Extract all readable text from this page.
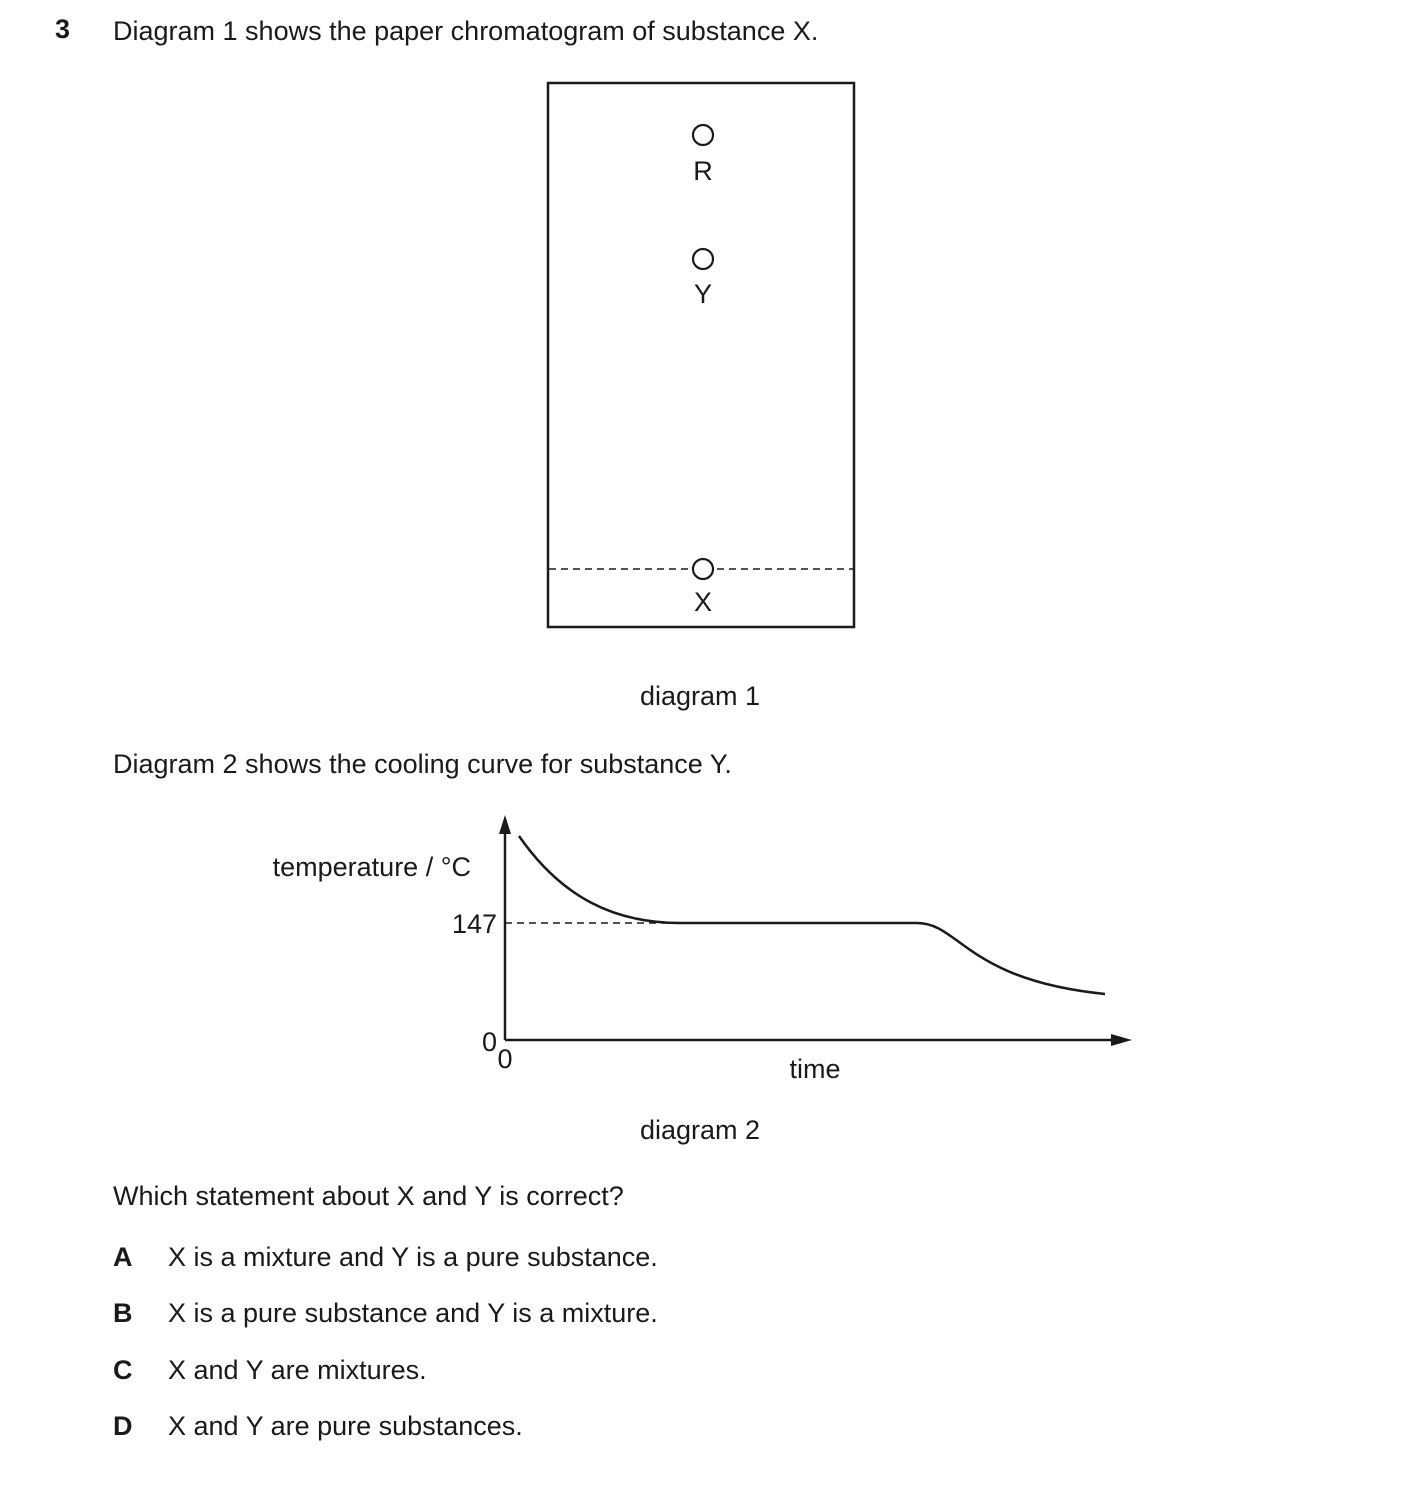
3 Diagram 1 shows the paper chromatogram of substance X.
R
Y
X
diagram 1
Diagram 2 shows the cooling curve for substance Y.
temperature / °C
147
0
0	time
diagram 2
Which statement about X and Y is correct?
A X is a mixture and Y is a pure substance.
B X is a pure substance and Y is a mixture.
C X and Y are mixtures.
D X and Y are pure substances.
